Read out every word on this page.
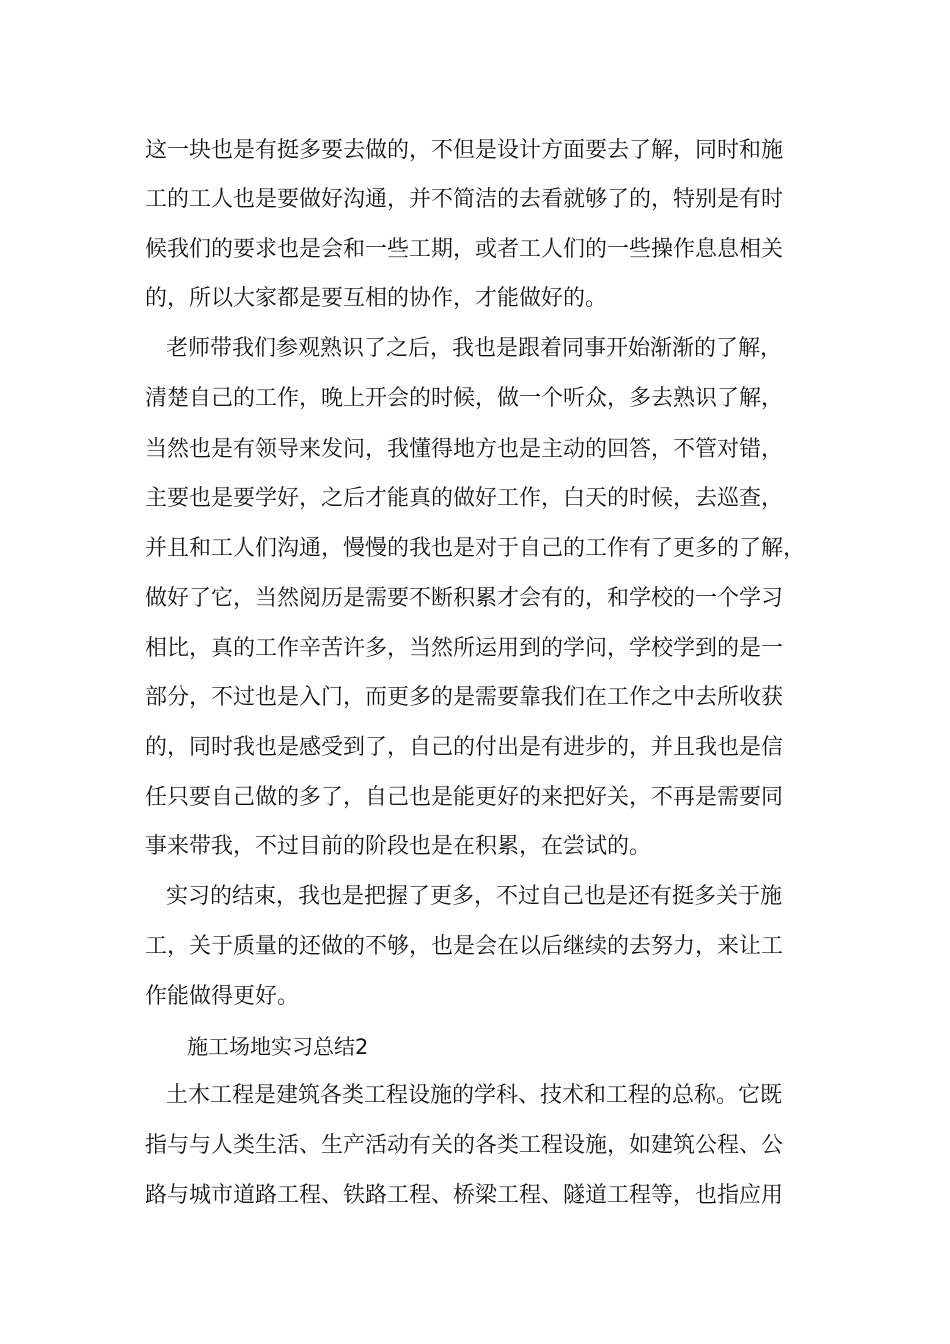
这一块也是有挺多要去做的，不但是设计方面要去了解，同时和施

工的工人也是要做好沟通，并不简洁的去看就够了的，特别是有时

候我们的要求也是会和一些工期，或者工人们的一些操作息息相关

的，所以大家都是要互相的协作，才能做好的。

老师带我们参观熟识了之后，我也是跟着同事开始渐渐的了解，

清楚自己的工作，晚上开会的时候，做一个听众，多去熟识了解，

当然也是有领导来发问，我懂得地方也是主动的回答，不管对错，

主要也是要学好，之后才能真的做好工作，白天的时候，去巡查，

并且和工人们沟通，慢慢的我也是对于自己的工作有了更多的了解，

做好了它，当然阅历是需要不断积累才会有的，和学校的一个学习

相比，真的工作辛苦许多，当然所运用到的学问，学校学到的是一

部分，不过也是入门，而更多的是需要靠我们在工作之中去所收获

的，同时我也是感受到了，自己的付出是有进步的，并且我也是信

任只要自己做的多了，自己也是能更好的来把好关，不再是需要同

事来带我，不过目前的阶段也是在积累，在尝试的。

实习的结束，我也是把握了更多，不过自己也是还有挺多关于施

工，关于质量的还做的不够，也是会在以后继续的去努力，来让工

作能做得更好。

施工场地实习总结2

土木工程是建筑各类工程设施的学科、技术和工程的总称。它既

指与与人类生活、生产活动有关的各类工程设施，如建筑公程、公

路与城市道路工程、铁路工程、桥梁工程、隧道工程等，也指应用
